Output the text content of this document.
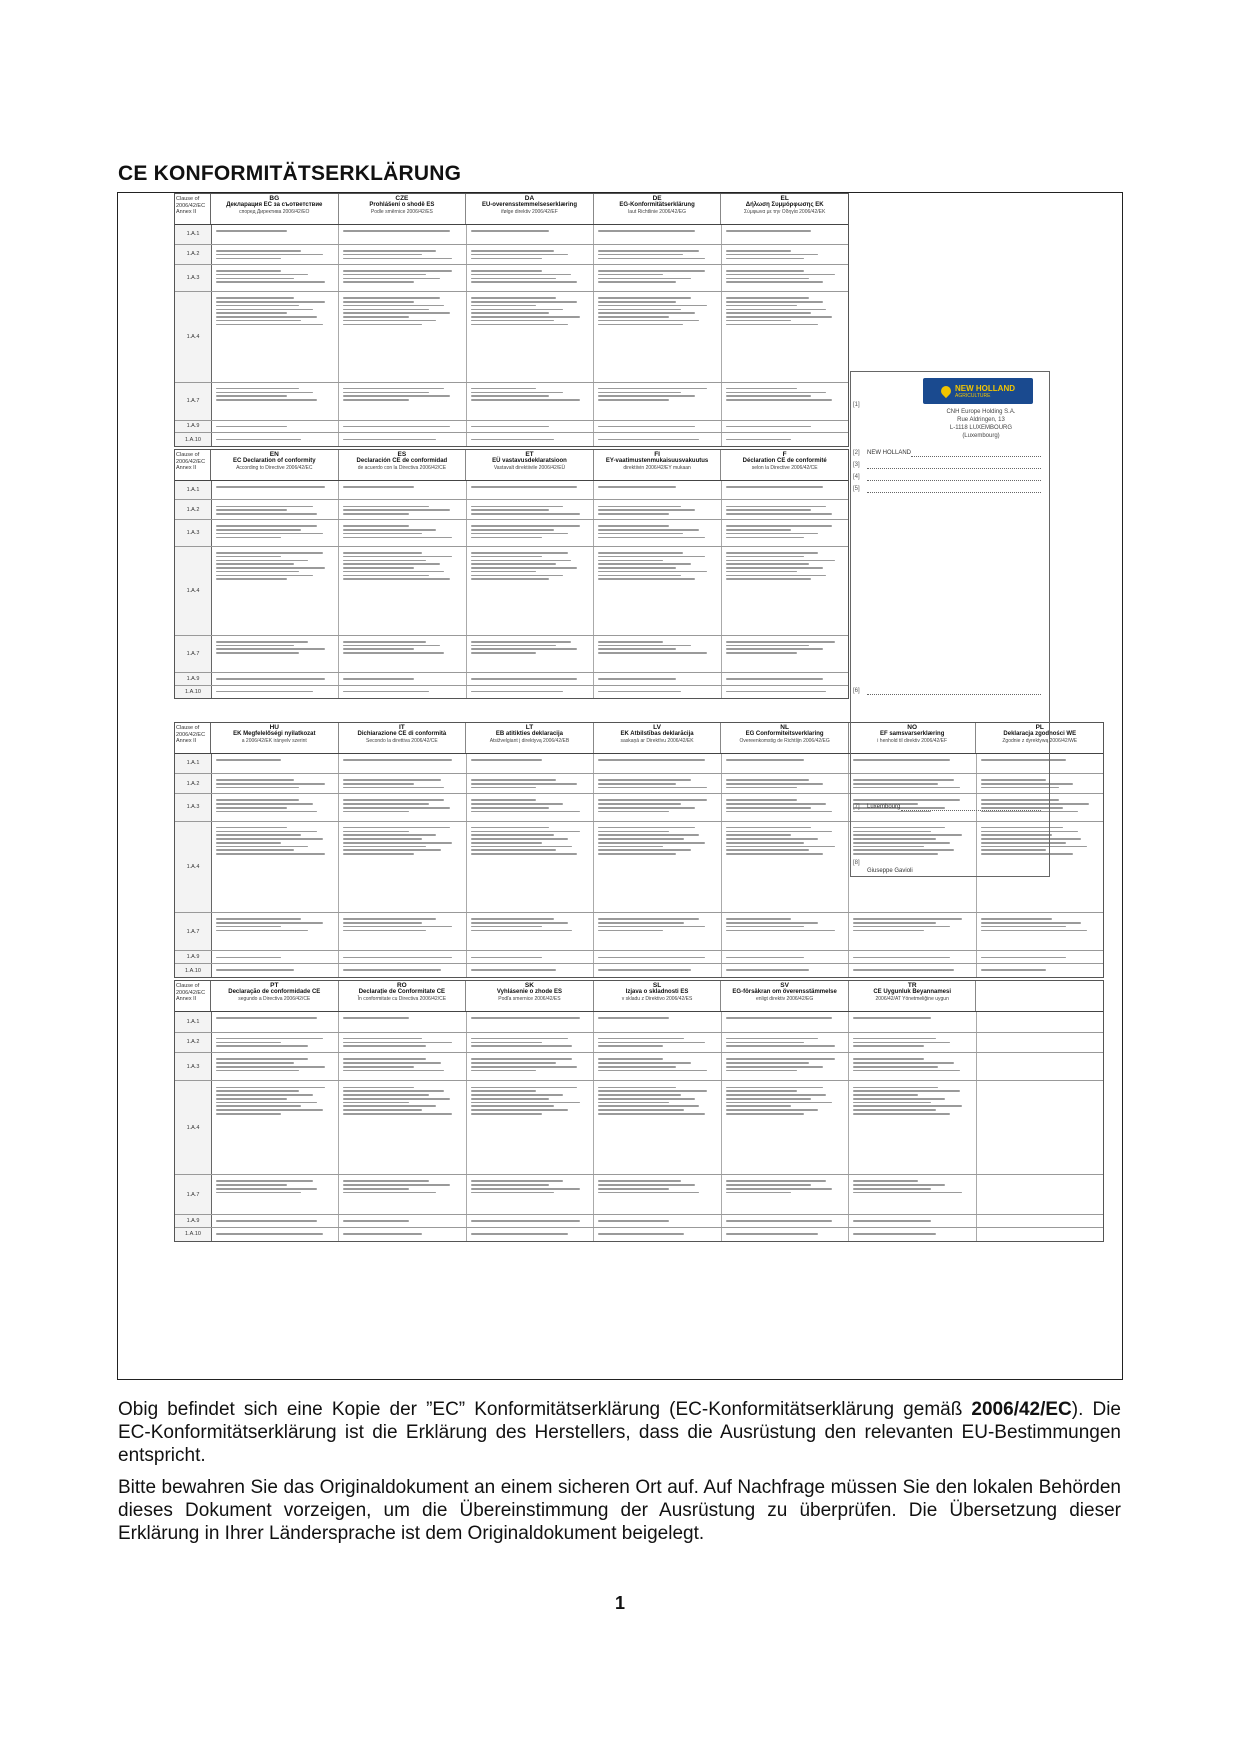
CE KONFORMITÄTSERKLÄRUNG
Clause of 2006/42/EC Annex II
BG
Декларация ЕС за съответствие
според Директива 2006/42/ЕО
CZE
Prohlášení o shodě ES
Podle směrnice 2006/42/ES
DA
EU-overensstemmelseserklæring
ifølge direktiv 2006/42/EF
DE
EG-Konformitätserklärung
laut Richtlinie 2006/42/EG
EL
Δήλωση Συμμόρφωσης ΕΚ
Σύμφωνα με την Οδηγία 2006/42/ΕΚ
1.A.1
1.A.2
1.A.3
1.A.4
1.A.7
1.A.9
1.A.10
Clause of 2006/42/EC Annex II
EN
EC Declaration of conformity
According to Directive 2006/42/EC
ES
Declaración CE de conformidad
de acuerdo con la Directiva 2006/42/CE
ET
EÜ vastavusdeklaratsioon
Vastavalt direktiivile 2006/42/EÜ
FI
EY-vaatimustenmukaisuusvakuutus
direktiivin 2006/42/EY mukaan
F
Déclaration CE de conformité
selon la Directive 2006/42/CE
1.A.1
1.A.2
1.A.3
1.A.4
1.A.7
1.A.9
1.A.10
Clause of 2006/42/EC Annex II
HU
EK Megfelelőségi nyilatkozat
a 2006/42/EK irányelv szerint
IT
Dichiarazione CE di conformità
Secondo la direttiva 2006/42/CE
LT
EB atitikties deklaracija
Atsižvelgiant į direktyvą 2006/42/EB
LV
EK Atbilstības deklarācija
saskaņā ar Direktīvu 2006/42/EK
NL
EG Conformiteitsverklaring
Overeenkomstig de Richtlijn 2006/42/EG
NO
EF samsvarserklæring
i henhold til direktiv 2006/42/EF
PL
Deklaracja zgodności WE
Zgodnie z dyrektywą 2006/42/WE
1.A.1
1.A.2
1.A.3
1.A.4
1.A.7
1.A.9
1.A.10
Clause of 2006/42/EC Annex II
PT
Declaração de conformidade CE
segundo a Directiva 2006/42/CE
RO
Declarație de Conformitate CE
În conformitate cu Directiva 2006/42/CE
SK
Vyhlásenie o zhode ES
Podľa smernice 2006/42/ES
SL
Izjava o skladnosti ES
v skladu z Direktivo 2006/42/ES
SV
EG-försäkran om överensstämmelse
enligt direktiv 2006/42/EG
TR
CE Uygunluk Beyannamesi
2006/42/AT Yönetmeliğine uygun
1.A.1
1.A.2
1.A.3
1.A.4
1.A.7
1.A.9
1.A.10
NEW HOLLAND
AGRICULTURE
CNH Europe Holding S.A.
Rue Aldringen, 13
L-1118 LUXEMBOURG
(Luxembourg)
[1]
[2] NEW HOLLAND
[3]
[4]
[5]
[6]
[7] Luxembourg
[8]
Giuseppe Gavioli

Obig befindet sich eine Kopie der ”EC” Konformitätserklärung (EC‑Konformitätserklärung gemäß 2006/42/EC). Die EC‑Konformitätserklärung ist die Erklärung des Herstellers, dass die Ausrüstung den relevanten EU‑Bestimmungen entspricht.

Bitte bewahren Sie das Originaldokument an einem sicheren Ort auf. Auf Nachfrage müssen Sie den lokalen Behörden dieses Dokument vorzeigen, um die Übereinstimmung der Ausrüstung zu überprüfen. Die Übersetzung dieser Erklärung in Ihrer Ländersprache ist dem Originaldokument beigelegt.

1
